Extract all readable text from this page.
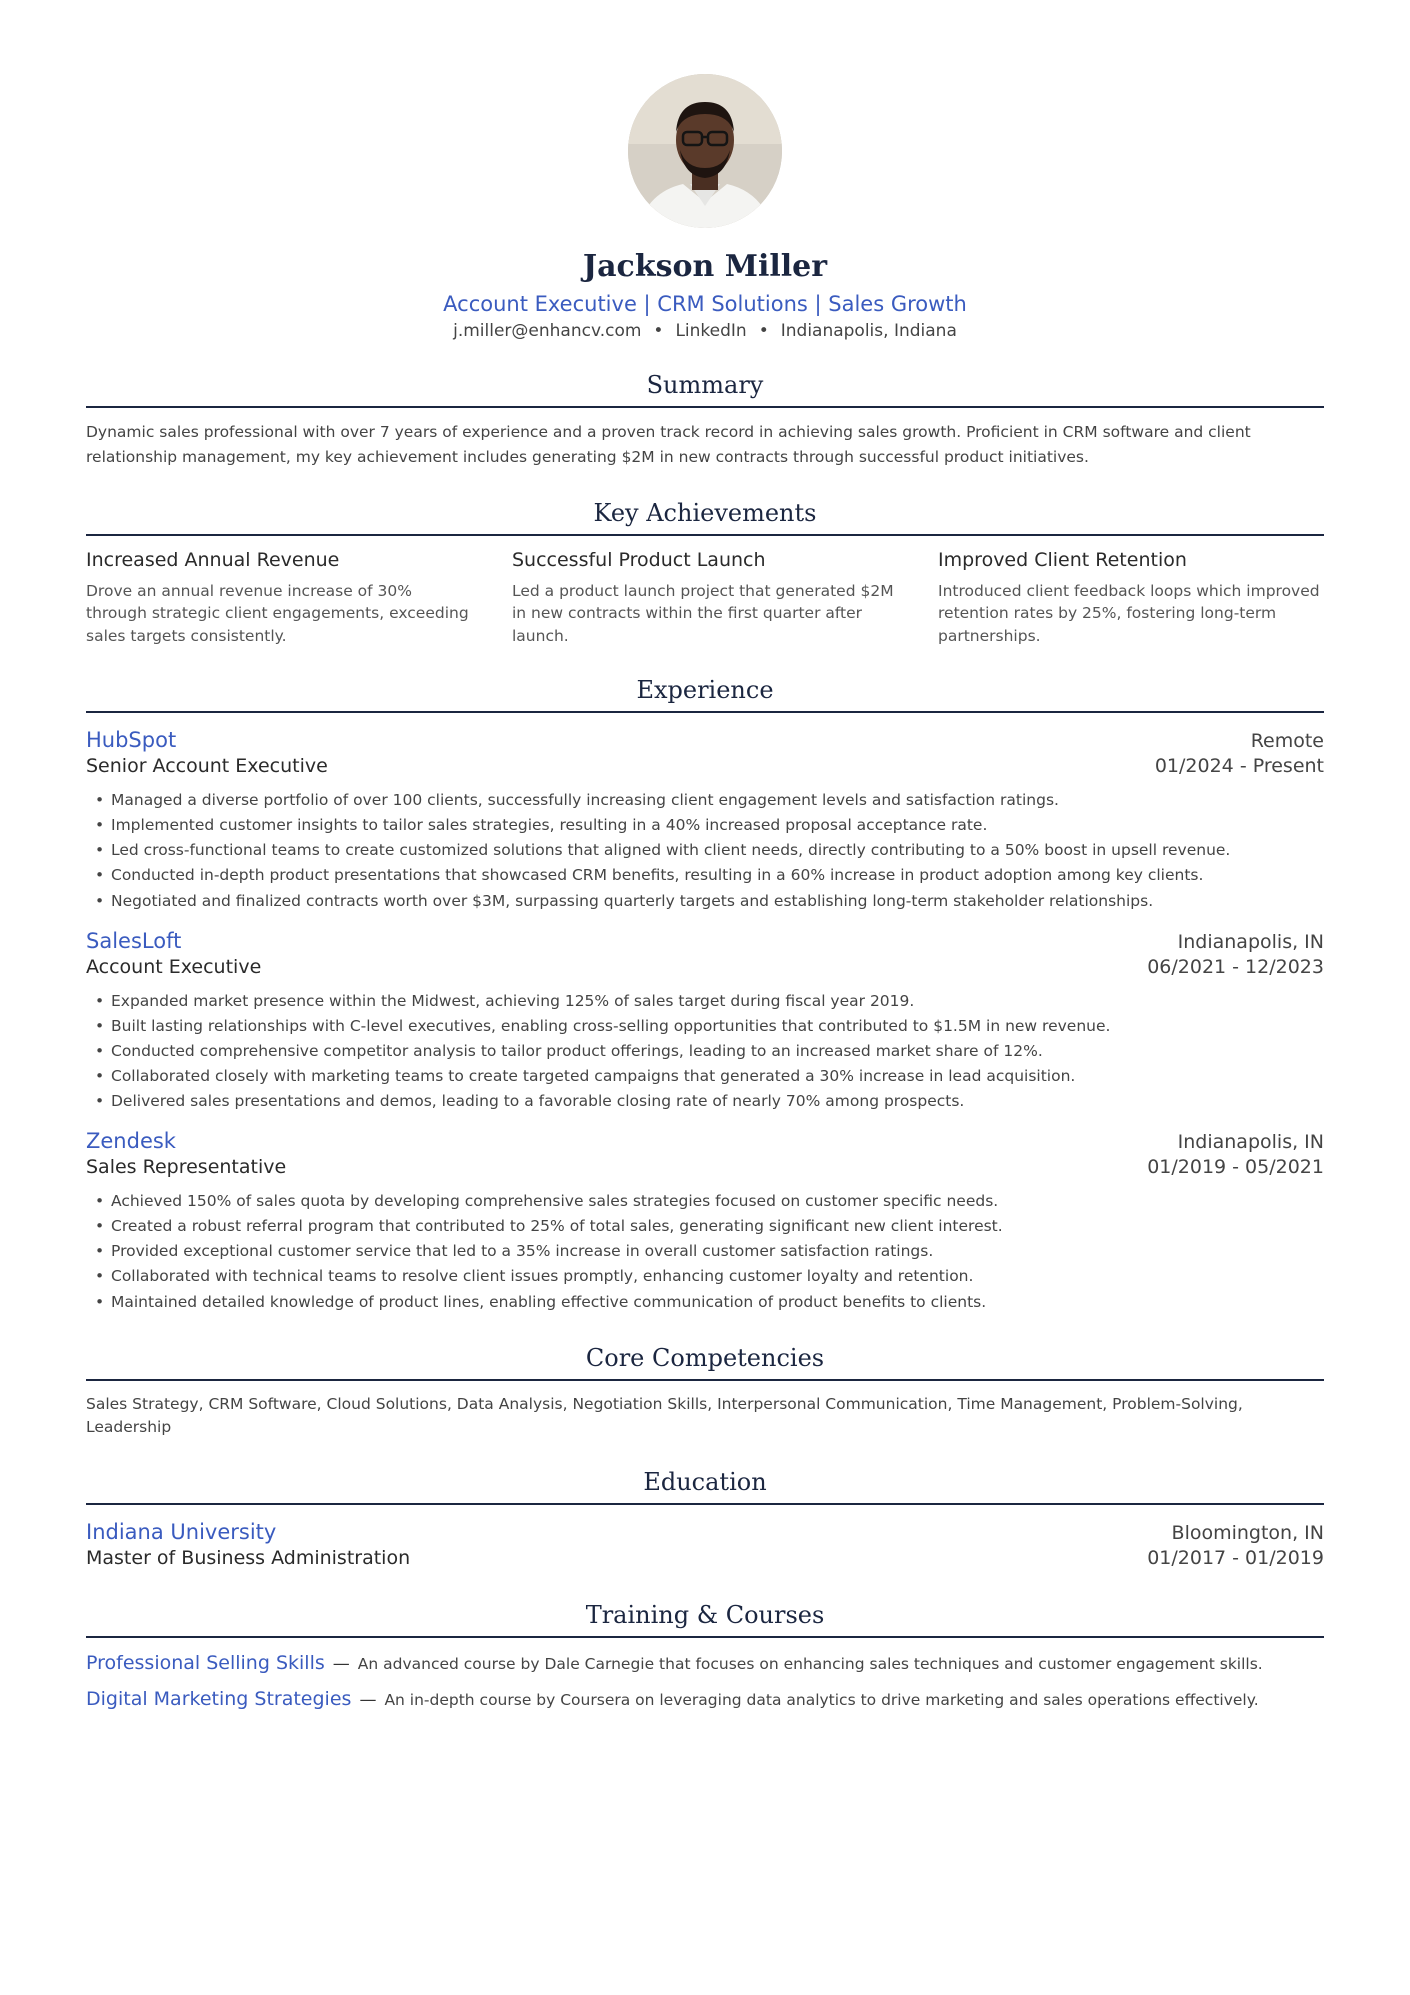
Jackson Miller
Account Executive | CRM Solutions | Sales Growth
j.miller@enhancv.com • LinkedIn • Indianapolis, Indiana
Summary
Dynamic sales professional with over 7 years of experience and a proven track record in achieving sales growth. Proficient in CRM software and client relationship management, my key achievement includes generating $2M in new contracts through successful product initiatives.
Key Achievements
Increased Annual Revenue
Drove an annual revenue increase of 30% through strategic client engagements, exceeding sales targets consistently.
Successful Product Launch
Led a product launch project that generated $2M in new contracts within the first quarter after launch.
Improved Client Retention
Introduced client feedback loops which improved retention rates by 25%, fostering long-term partnerships.
Experience
HubSpot	Remote
Senior Account Executive	01/2024 - Present
• Managed a diverse portfolio of over 100 clients, successfully increasing client engagement levels and satisfaction ratings.
• Implemented customer insights to tailor sales strategies, resulting in a 40% increased proposal acceptance rate.
• Led cross-functional teams to create customized solutions that aligned with client needs, directly contributing to a 50% boost in upsell revenue.
• Conducted in-depth product presentations that showcased CRM benefits, resulting in a 60% increase in product adoption among key clients.
• Negotiated and finalized contracts worth over $3M, surpassing quarterly targets and establishing long-term stakeholder relationships.
SalesLoft	Indianapolis, IN
Account Executive	06/2021 - 12/2023
• Expanded market presence within the Midwest, achieving 125% of sales target during fiscal year 2019.
• Built lasting relationships with C-level executives, enabling cross-selling opportunities that contributed to $1.5M in new revenue.
• Conducted comprehensive competitor analysis to tailor product offerings, leading to an increased market share of 12%.
• Collaborated closely with marketing teams to create targeted campaigns that generated a 30% increase in lead acquisition.
• Delivered sales presentations and demos, leading to a favorable closing rate of nearly 70% among prospects.
Zendesk	Indianapolis, IN
Sales Representative	01/2019 - 05/2021
• Achieved 150% of sales quota by developing comprehensive sales strategies focused on customer specific needs.
• Created a robust referral program that contributed to 25% of total sales, generating significant new client interest.
• Provided exceptional customer service that led to a 35% increase in overall customer satisfaction ratings.
• Collaborated with technical teams to resolve client issues promptly, enhancing customer loyalty and retention.
• Maintained detailed knowledge of product lines, enabling effective communication of product benefits to clients.
Core Competencies
Sales Strategy, CRM Software, Cloud Solutions, Data Analysis, Negotiation Skills, Interpersonal Communication, Time Management, Problem-Solving, Leadership
Education
Indiana University	Bloomington, IN
Master of Business Administration	01/2017 - 01/2019
Training & Courses
Professional Selling Skills — An advanced course by Dale Carnegie that focuses on enhancing sales techniques and customer engagement skills.
Digital Marketing Strategies — An in-depth course by Coursera on leveraging data analytics to drive marketing and sales operations effectively.
